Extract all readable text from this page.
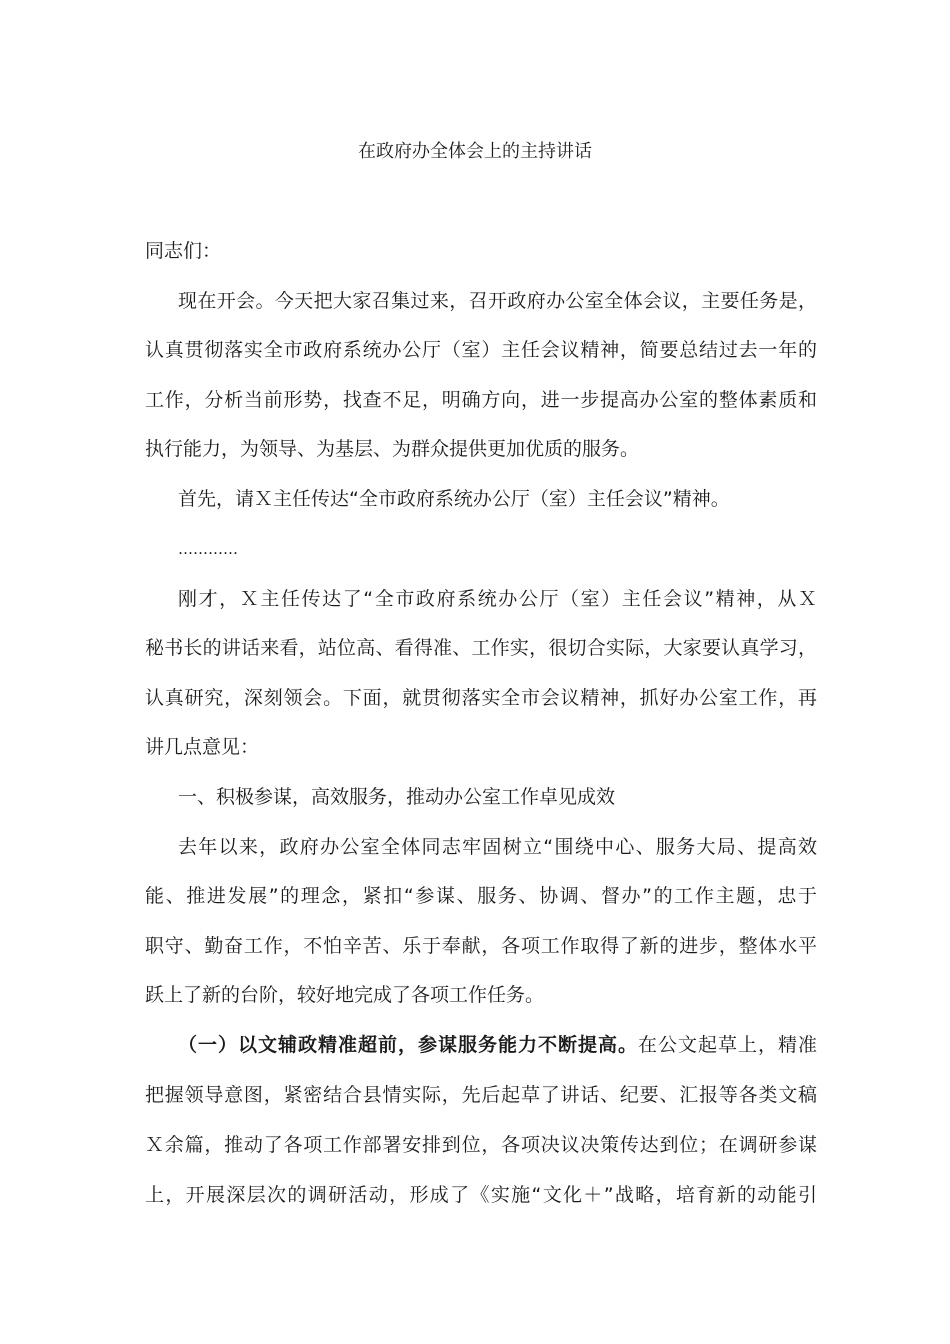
在政府办全体会上的主持讲话
同志们：
现在开会。今天把大家召集过来，召开政府办公室全体会议，主要任务是，
认真贯彻落实全市政府系统办公厅（室）主任会议精神，简要总结过去一年的
工作，分析当前形势，找查不足，明确方向，进一步提高办公室的整体素质和
执行能力，为领导、为基层、为群众提供更加优质的服务。
首先，请Ｘ主任传达“全市政府系统办公厅（室）主任会议”精神。
…………
刚才，Ｘ主任传达了“全市政府系统办公厅（室）主任会议”精神，从Ｘ
秘书长的讲话来看，站位高、看得准、工作实，很切合实际，大家要认真学习，
认真研究，深刻领会。下面，就贯彻落实全市会议精神，抓好办公室工作，再
讲几点意见：
一、积极参谋，高效服务，推动办公室工作卓见成效
去年以来，政府办公室全体同志牢固树立“围绕中心、服务大局、提高效
能、推进发展”的理念，紧扣“参谋、服务、协调、督办”的工作主题，忠于
职守、勤奋工作，不怕辛苦、乐于奉献，各项工作取得了新的进步，整体水平
跃上了新的台阶，较好地完成了各项工作任务。
（一）以文辅政精准超前，参谋服务能力不断提高。在公文起草上，精准
把握领导意图，紧密结合县情实际，先后起草了讲话、纪要、汇报等各类文稿
Ｘ余篇，推动了各项工作部署安排到位，各项决议决策传达到位；在调研参谋
上，开展深层次的调研活动，形成了《实施“文化＋”战略，培育新的动能引
